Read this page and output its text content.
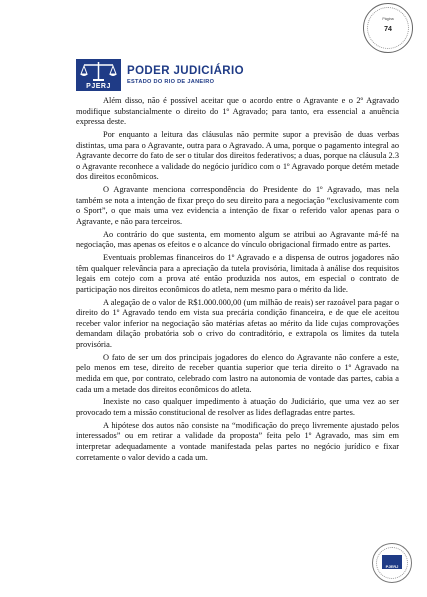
Página
74
PJERJ
PODER JUDICIÁRIO
ESTADO DO RIO DE JANEIRO

Além disso, não é possível aceitar que o acordo entre o Agravante e o 2º Agravado modifique substancialmente o direito do 1º Agravado; para tanto, era essencial a anuência expressa deste.

Por enquanto a leitura das cláusulas não permite supor a previsão de duas verbas distintas, uma para o Agravante, outra para o Agravado. A uma, porque o pagamento integral ao Agravante decorre do fato de ser o titular dos direitos federativos; a duas, porque na cláusula 2.3 o Agravante reconhece a validade do negócio jurídico com o 1º Agravado porque detém metade dos direitos econômicos.

O Agravante menciona correspondência do Presidente do 1º Agravado, mas nela também se nota a intenção de fixar preço do seu direito para a negociação “exclusivamente com o Sport”, o que mais uma vez evidencia a intenção de fixar o referido valor apenas para o Agravante, e não para terceiros.

Ao contrário do que sustenta, em momento algum se atribui ao Agravante má-fé na negociação, mas apenas os efeitos e o alcance do vínculo obrigacional firmado entre as partes.

Eventuais problemas financeiros do 1º Agravado e a dispensa de outros jogadores não têm qualquer relevância para a apreciação da tutela provisória, limitada à análise dos requisitos legais em cotejo com a prova até então produzida nos autos, em especial o contrato de participação nos direitos econômicos do atleta, nem mesmo para o mérito da lide.

A alegação de o valor de R$1.000.000,00 (um milhão de reais) ser razoável para pagar o direito do 1º Agravado tendo em vista sua precária condição financeira, e de que ele aceitou receber valor inferior na negociação são matérias afetas ao mérito da lide cujas comprovações demandam dilação probatória sob o crivo do contraditório, e extrapola os limites da tutela provisória.

O fato de ser um dos principais jogadores do elenco do Agravante não confere a este, pelo menos em tese, direito de receber quantia superior que teria direito o 1º Agravado na medida em que, por contrato, celebrado com lastro na autonomia de vontade das partes, cabia a cada um a metade dos direitos econômicos do atleta.

Inexiste no caso qualquer impedimento à atuação do Judiciário, que uma vez ao ser provocado tem a missão constitucional de resolver as lides deflagradas entre partes.

A hipótese dos autos não consiste na “modificação do preço livremente ajustado pelos interessados” ou em retirar a validade da proposta” feita pelo 1º Agravado, mas sim em interpretar adequadamente a vontade manifestada pelas partes no negócio jurídico e fixar corretamente o valor devido a cada um.

PJERJ
